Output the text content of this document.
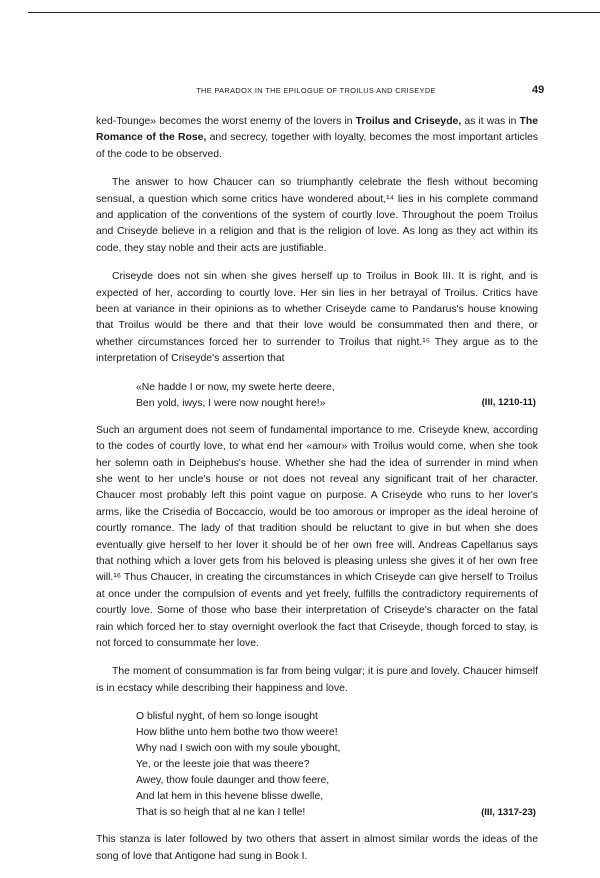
THE PARADOX IN THE EPILOGUE OF TROILUS AND CRISEYDE	49

ked-Tounge» becomes the worst enemy of the lovers in Troilus and Criseyde, as it was in The Romance of the Rose, and secrecy, together with loyalty, becomes the most important articles of the code to be observed.

The answer to how Chaucer can so triumphantly celebrate the flesh without becoming sensual, a question which some critics have wondered about,¹⁴ lies in his complete command and application of the conventions of the system of courtly love. Throughout the poem Troilus and Criseyde believe in a religion and that is the religion of love. As long as they act within its code, they stay noble and their acts are justifiable.

Criseyde does not sin when she gives herself up to Troilus in Book III. It is right, and is expected of her, according to courtly love. Her sin lies in her betrayal of Troilus. Critics have been at variance in their opinions as to whether Criseyde came to Pandarus's house knowing that Troilus would be there and that their love would be consummated then and there, or whether circumstances forced her to surrender to Troilus that night.¹⁵ They argue as to the interpretation of Criseyde's assertion that

«Ne hadde I or now, my swete herte deere,
Ben yold, iwys, I were now nought here!»	(III, 1210-11)

Such an argument does not seem of fundamental importance to me. Criseyde knew, according to the codes of courtly love, to what end her «amour» with Troilus would come, when she took her solemn oath in Deiphebus's house. Whether she had the idea of surrender in mind when she went to her uncle's house or not does not reveal any significant trait of her character. Chaucer most probably left this point vague on purpose. A Criseyde who runs to her lover's arms, like the Crisedia of Boccaccio, would be too amorous or improper as the ideal heroine of courtly romance. The lady of that tradition should be reluctant to give in but when she does eventually give herself to her lover it should be of her own free will. Andreas Capellanus says that nothing which a lover gets from his beloved is pleasing unless she gives it of her own free will.¹⁶ Thus Chaucer, in creating the circumstances in which Criseyde can give herself to Troilus at once under the compulsion of events and yet freely, fulfills the contradictory requirements of courtly love. Some of those who base their interpretation of Criseyde's character on the fatal rain which forced her to stay overnight overlook the fact that Criseyde, though forced to stay, is not forced to consummate her love.

The moment of consummation is far from being vulgar; it is pure and lovely. Chaucer himself is in ecstacy while describing their happiness and love.

O blisful nyght, of hem so longe isought
How blithe unto hem bothe two thow weere!
Why nad I swich oon with my soule ybought,
Ye, or the leeste joie that was theere?
Awey, thow foule daunger and thow feere,
And lat hem in this hevene blisse dwelle,
That is so heigh that al ne kan I telle!	(III, 1317-23)

This stanza is later followed by two others that assert in almost similar words the ideas of the song of love that Antigone had sung in Book I.
